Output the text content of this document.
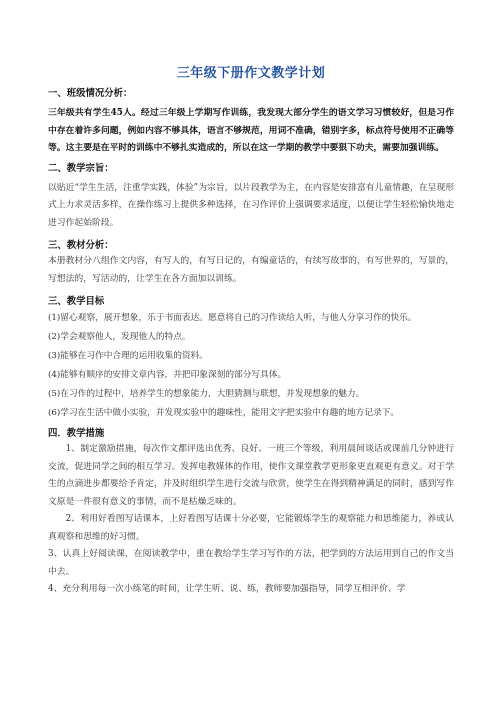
三年级下册作文教学计划

一、班级情况分析：

三年级共有学生45人。经过三年级上学期写作训练，我发现大部分学生的语文学习习惯较好，但是习作中存在着许多问题，例如内容不够具体，语言不够规范，用词不准确，错别字多，标点符号使用不正确等等。这主要是在平时的训练中不够扎实造成的，所以在这一学期的教学中要狠下功夫，需要加强训练。

二、教学宗旨：

以贴近“学生生活，注重学实践，体验”为宗旨，以片段教学为主，在内容是安排富有儿童情趣，在呈现形式上力求灵活多样，在操作练习上提供多种选择，在习作评价上强调要求适度，以便让学生轻松愉快地走进习作起始阶段。

三、教材分析：

本册教材分八组作文内容，有写人的，有写日记的，有编童话的，有续写故事的，有写世界的，写景的，写想法的，写活动的，让学生在各方面加以训练。

三、教学目标

(1)留心观察，展开想象，乐于书面表达。愿意将自己的习作读给人听，与他人分享习作的快乐。

(2)学会观察他人，发现他人的特点。

(3)能够在习作中合理的运用收集的资料。

(4)能够有顺序的安排文章内容，并把印象深刻的部分写具体。

(5)在习作的过程中，培养学生的想象能力，大胆猜测与联想，并发现想象的魅力。

(6)学习在生活中做小实验，并发现实验中的趣味性，能用文字把实验中有趣的地方记录下。

四．教学措施

1、制定激励措施，每次作文都评选出优秀、良好、一班三个等级，利用晨间谈话或课前几分钟进行交流，促进同学之间的相互学习。发挥电教媒体的作用，使作文课堂教学更形象更直观更有意义。对于学生的点滴进步都要给予肯定，并及时组织学生进行交流与欣赏，使学生在得到精神满足的同时，感到写作文原是一件很有意义的事情，而不是枯燥乏味的。

2、利用好看图写话课本，上好看图写话课十分必要，它能锻炼学生的观察能力和思维能力，养成认真观察和思维的好习惯。

3、认真上好阅读课，在阅读教学中，重在教给学生学习写作的方法，把学到的方法运用到自己的作文当中去。

4、充分利用每一次小练笔的时间，让学生听、说、练，教师要加强指导，同学互相评价、学
